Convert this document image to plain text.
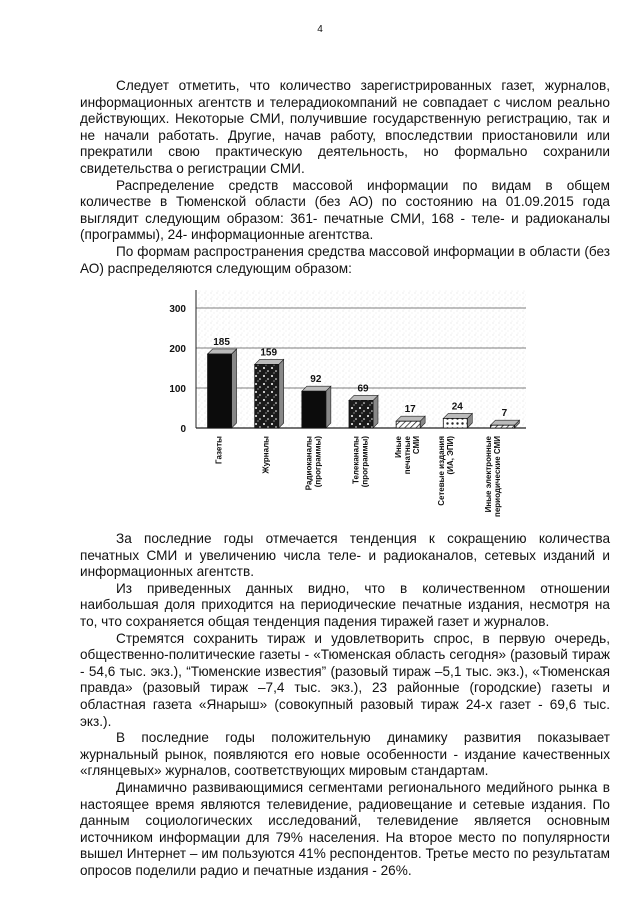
4

Следует отметить, что количество зарегистрированных газет, журналов, информационных агентств и телерадиокомпаний не совпадает с числом реально действующих. Некоторые СМИ, получившие государственную регистрацию, так и не начали работать. Другие, начав работу, впоследствии приостановили или прекратили свою практическую деятельность, но формально сохранили свидетельства о регистрации СМИ.

Распределение средств массовой информации по видам в общем количестве в Тюменской области (без АО) по состоянию на 01.09.2015 года выглядит следующим образом: 361- печатные СМИ, 168 - теле- и радиоканалы (программы), 24- информационные агентства.

По формам распространения средства массовой информации в области (без АО) распределяются следующим образом:

0
100
200
300
185
Газеты
159
Журналы
92
Радиоканалы(программы)
69
Телеканалы(программы)
17
ИныепечатныеСМИ
24
Сетевые издания(ИА, ЭПИ)
7
Иные электронныепериодические СМИ

За последние годы отмечается тенденция к сокращению количества печатных СМИ и увеличению числа теле- и радиоканалов, сетевых изданий и информационных агентств.

Из приведенных данных видно, что в количественном отношении наибольшая доля приходится на периодические печатные издания, несмотря на то, что сохраняется общая тенденция падения тиражей газет и журналов.

Стремятся сохранить тираж и удовлетворить спрос, в первую очередь, общественно-политические газеты - «Тюменская область сегодня» (разовый тираж - 54,6 тыс. экз.), “Тюменские известия” (разовый тираж –5,1 тыс. экз.), «Тюменская правда» (разовый тираж –7,4 тыс. экз.), 23 районные (городские) газеты и областная газета «Янарыш» (совокупный разовый тираж 24-х газет - 69,6 тыс. экз.).

В последние годы положительную динамику развития показывает журнальный рынок, появляются его новые особенности - издание качественных «глянцевых» журналов, соответствующих мировым стандартам.

Динамично развивающимися сегментами регионального медийного рынка в настоящее время являются телевидение, радиовещание и сетевые издания. По данным социологических исследований, телевидение является основным источником информации для 79% населения. На второе место по популярности вышел Интернет – им пользуются 41% респондентов. Третье место по результатам опросов поделили радио и печатные издания - 26%.
